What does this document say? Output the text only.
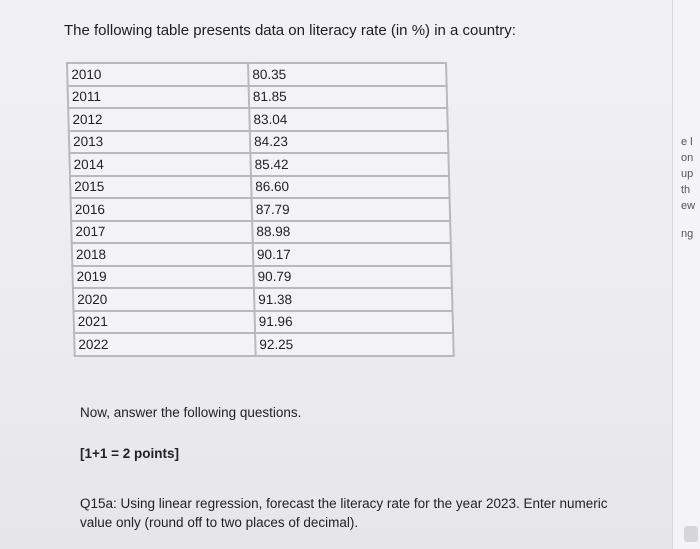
The following table presents data on literacy rate (in %) in a country:
2010	80.35
2011	81.85
2012	83.04
2013	84.23
2014	85.42
2015	86.60
2016	87.79
2017	88.98
2018	90.17
2019	90.79
2020	91.38
2021	91.96
2022	92.25
Now, answer the following questions.
[1+1 = 2 points]
Q15a: Using linear regression, forecast the literacy rate for the year 2023. Enter numeric value only (round off to two places of decimal).
e l
on
up
th
ew
ng
